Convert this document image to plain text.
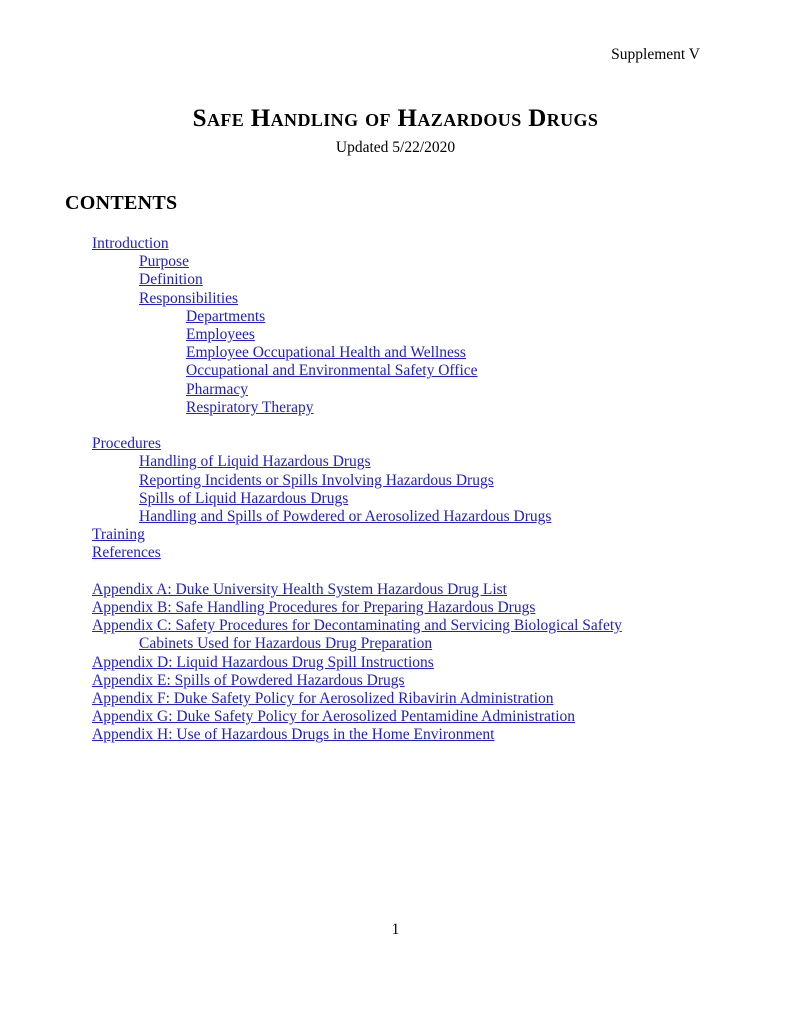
Supplement V
Safe Handling of Hazardous Drugs
Updated 5/22/2020
CONTENTS
Introduction
Purpose
Definition
Responsibilities
Departments
Employees
Employee Occupational Health and Wellness
Occupational and Environmental Safety Office
Pharmacy
Respiratory Therapy
Procedures
Handling of Liquid Hazardous Drugs
Reporting Incidents or Spills Involving Hazardous Drugs
Spills of Liquid Hazardous Drugs
Handling and Spills of Powdered or Aerosolized Hazardous Drugs
Training
References
Appendix A: Duke University Health System Hazardous Drug List
Appendix B: Safe Handling Procedures for Preparing Hazardous Drugs
Appendix C: Safety Procedures for Decontaminating and Servicing Biological Safety
Cabinets Used for Hazardous Drug Preparation
Appendix D: Liquid Hazardous Drug Spill Instructions
Appendix E: Spills of Powdered Hazardous Drugs
Appendix F: Duke Safety Policy for Aerosolized Ribavirin Administration
Appendix G: Duke Safety Policy for Aerosolized Pentamidine Administration
Appendix H: Use of Hazardous Drugs in the Home Environment
1
